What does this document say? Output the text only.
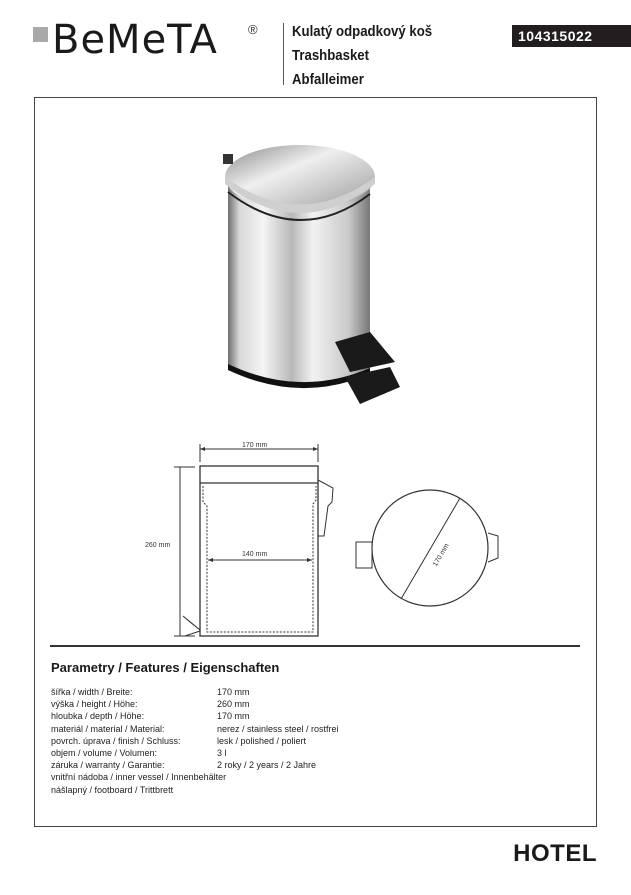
BeMeTA ® Kulatý odpadkový koš
Trashbasket
Abfalleimer
104315022
170 mm
260 mm
140 mm	170 mm
Parametry / Features / Eigenschaften
šířka / width / Breite:	170 mm
výška / height / Höhe:	260 mm
hloubka / depth / Höhe:	170 mm
materiál / material / Material:	nerez / stainless steel / rostfrei
povrch. úprava / finish / Schluss:	lesk / polished / poliert
objem / volume / Volumen:	3 l
záruka / warranty / Garantie:	2 roky / 2 years / 2 Jahre
vnitřní nádoba / inner vessel / Innenbehälter
nášlapný / footboard / Trittbrett
HOTEL
